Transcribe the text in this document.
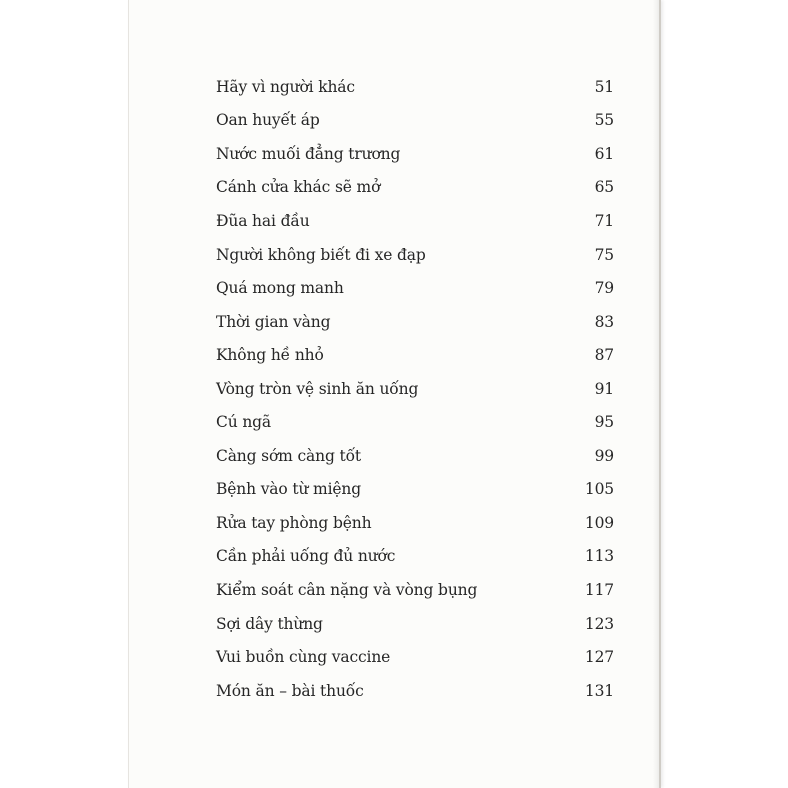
Hãy vì người khác	51
Oan huyết áp	55
Nước muối đẳng trương	61
Cánh cửa khác sẽ mở	65
Đũa hai đầu	71
Người không biết đi xe đạp	75
Quá mong manh	79
Thời gian vàng	83
Không hề nhỏ	87
Vòng tròn vệ sinh ăn uống	91
Cú ngã	95
Càng sớm càng tốt	99
Bệnh vào từ miệng	105
Rửa tay phòng bệnh	109
Cần phải uống đủ nước	113
Kiểm soát cân nặng và vòng bụng	117
Sợi dây thừng	123
Vui buồn cùng vaccine	127
Món ăn – bài thuốc	131
